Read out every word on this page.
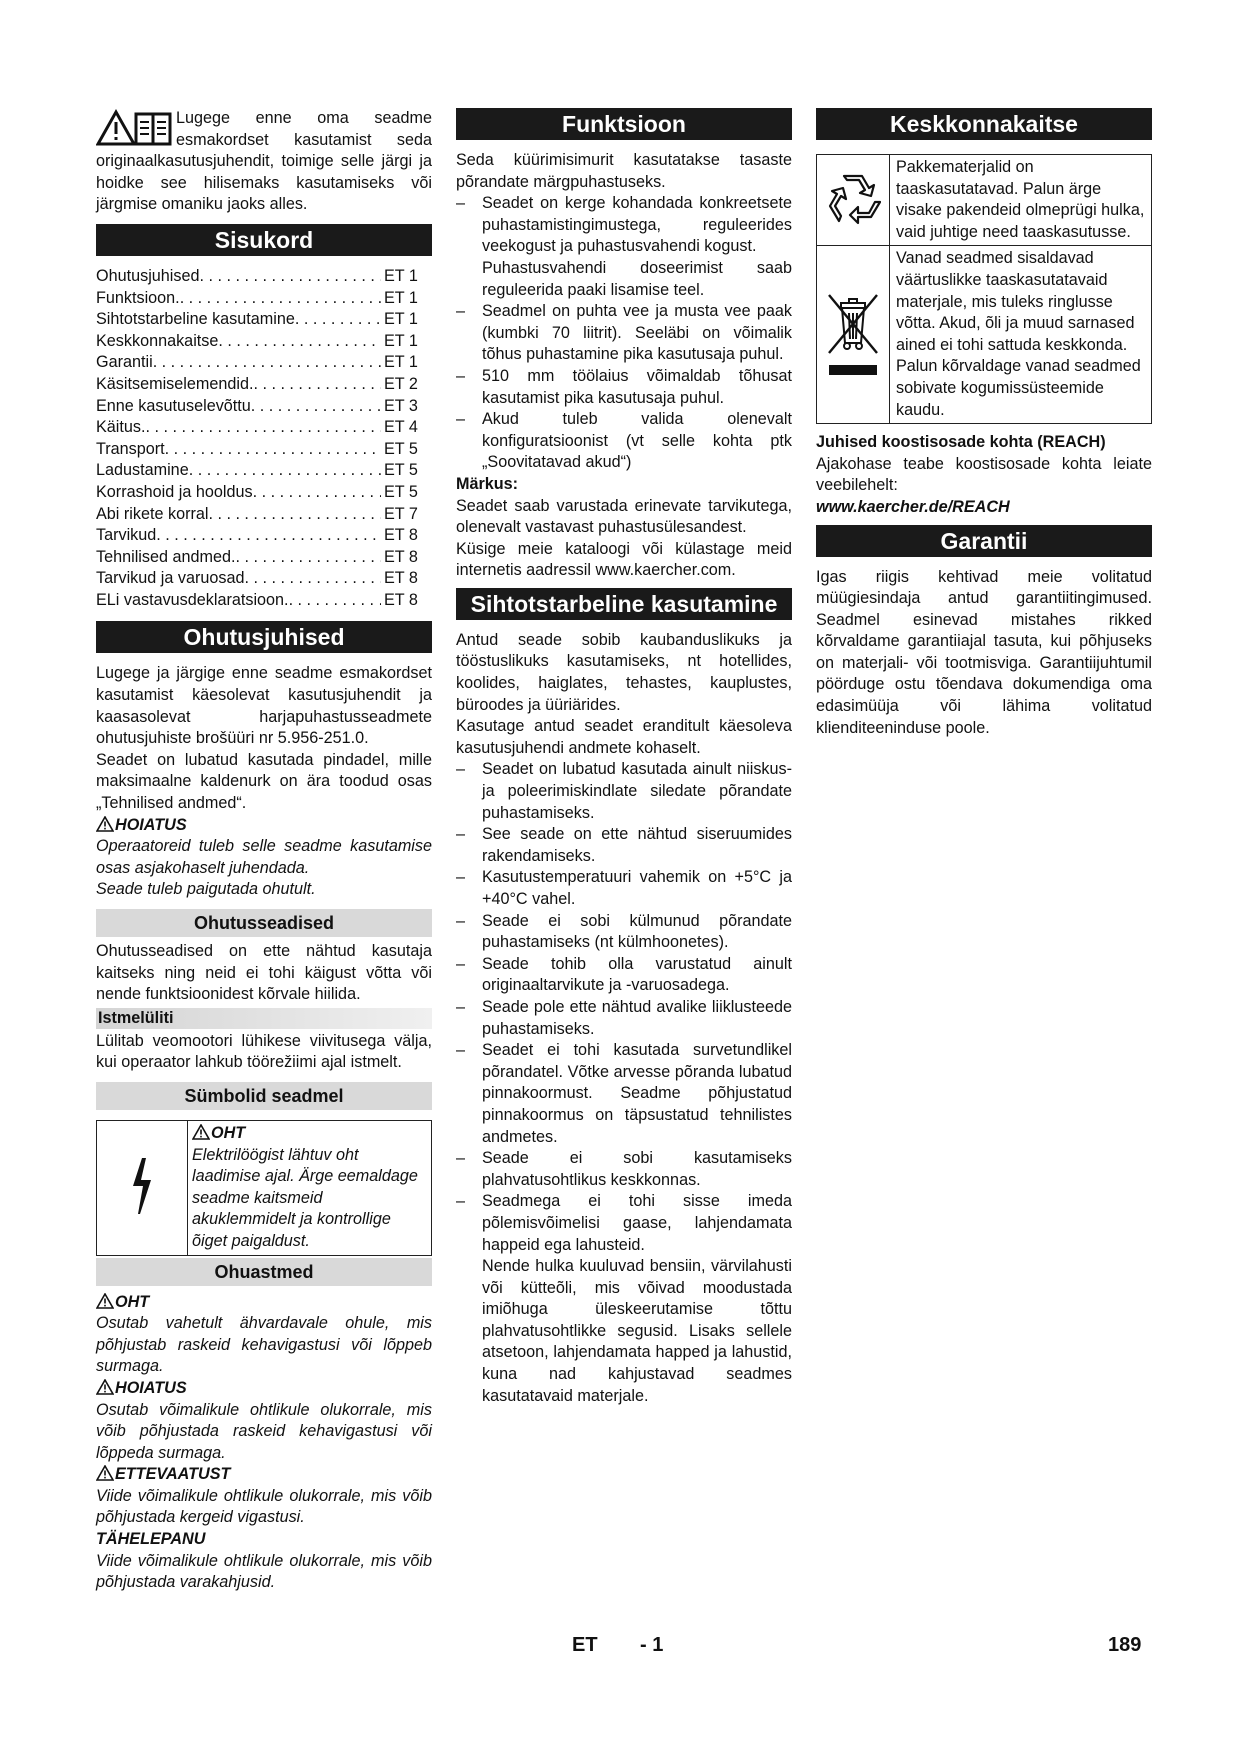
Lugege enne oma seadme esmakordset kasutamist seda originaalkasutusjuhendit, toimige selle järgi ja hoidke see hilisemaks kasutamiseks või järgmise omaniku jaoks alles.

Sisukord
Ohutusjuhised . . .	ET 1
Funktsioon. . . .	ET 1
Sihtotstarbeline kasutamine . . .	ET 1
Keskkonnakaitse . . .	ET 1
Garantii . . .	ET 1
Käsitsemiselemendid. . . .	ET 2
Enne kasutuselevõttu . . .	ET 3
Käitus. . . .	ET 4
Transport . . .	ET 5
Ladustamine . . .	ET 5
Korrashoid ja hooldus . . .	ET 5
Abi rikete korral . . .	ET 7
Tarvikud . . .	ET 8
Tehnilised andmed. . . .	ET 8
Tarvikud ja varuosad . . .	ET 8
ELi vastavusdeklaratsioon. . . .	ET 8
Ohutusjuhised

Lugege ja järgige enne seadme esmakordset kasutamist käesolevat kasutusjuhendit ja kaasasolevat harjapuhastusseadmete ohutusjuhiste brošüüri nr 5.956-251.0.

Seadet on lubatud kasutada pindadel, mille maksimaalne kaldenurk on ära toodud osas „Tehnilised andmed“.

HOIATUS

Operaatoreid tuleb selle seadme kasutamise osas asjakohaselt juhendada.

Seade tuleb paigutada ohutult.

Ohutusseadised

Ohutusseadised on ette nähtud kasutaja kaitseks ning neid ei tohi käigust võtta või nende funktsioonidest kõrvale hiilida.

Istmelüliti

Lülitab veomootori lühikese viivitusega välja, kui operaator lahkub töörežiimi ajal istmelt.

Sümbolid seadmel
OHT
Elektrilöögist lähtuv oht laadimise ajal. Ärge eemaldage seadme kaitsmeid akuklemmidelt ja kontrollige õiget paigaldust.
Ohuastmed
OHT

Osutab vahetult ähvardavale ohule, mis põhjustab raskeid kehavigastusi või lõppeb surmaga.

HOIATUS

Osutab võimalikule ohtlikule olukorrale, mis võib põhjustada raskeid kehavigastusi või lõppeda surmaga.

ETTEVAATUST

Viide võimalikule ohtlikule olukorrale, mis võib põhjustada kergeid vigastusi.

TÄHELEPANU

Viide võimalikule ohtlikule olukorrale, mis võib põhjustada varakahjusid.

Funktsioon

Seda küürimisimurit kasutatakse tasaste põrandate märgpuhastuseks.

– Seadet on kerge kohandada konkreetsete puhastamistingimustega, reguleerides veekogust ja puhastusvahendi kogust.
Puhastusvahendi doseerimist saab reguleerida paaki lisamise teel.
– Seadmel on puhta vee ja musta vee paak (kumbki 70 liitrit). Seeläbi on võimalik tõhus puhastamine pika kasutusaja puhul.
– 510 mm töölaius võimaldab tõhusat kasutamist pika kasutusaja puhul.
– Akud tuleb valida olenevalt konfiguratsioonist (vt selle kohta ptk „Soovitatavad akud“)
Märkus:

Seadet saab varustada erinevate tarvikutega, olenevalt vastavast puhastusülesandest.

Küsige meie kataloogi või külastage meid internetis aadressil www.kaercher.com.

Sihtotstarbeline kasutamine

Antud seade sobib kaubanduslikuks ja tööstuslikuks kasutamiseks, nt hotellides, koolides, haiglates, tehastes, kauplustes, büroodes ja üüriärides.

Kasutage antud seadet eranditult käesoleva kasutusjuhendi andmete kohaselt.

– Seadet on lubatud kasutada ainult niiskus- ja poleerimiskindlate siledate põrandate puhastamiseks.
– See seade on ette nähtud siseruumides rakendamiseks.
– Kasutustemperatuuri vahemik on +5°C ja +40°C vahel.
– Seade ei sobi külmunud põrandate puhastamiseks (nt külmhoonetes).
– Seade tohib olla varustatud ainult originaaltarvikute ja -varuosadega.
– Seade pole ette nähtud avalike liiklusteede puhastamiseks.
– Seadet ei tohi kasutada survetundlikel põrandatel. Võtke arvesse põranda lubatud pinnakoormust. Seadme põhjustatud pinnakoormus on täpsustatud tehnilistes andmetes.
– Seade ei sobi kasutamiseks plahvatusohtlikus keskkonnas.
– Seadmega ei tohi sisse imeda põlemisvõimelisi gaase, lahjendamata happeid ega lahusteid.
Nende hulka kuuluvad bensiin, värvilahusti või kütteõli, mis võivad moodustada imiõhuga üleskeerutamise tõttu plahvatusohtlikke segusid. Lisaks sellele atsetoon, lahjendamata happed ja lahustid, kuna nad kahjustavad seadmes kasutatavaid materjale.
Keskkonnakaitse
Pakkematerjalid on taaskasutatavad. Palun ärge visake pakendeid olmeprügi hulka, vaid juhtige need taaskasutusse.
Vanad seadmed sisaldavad väärtuslikke taaskasutatavaid materjale, mis tuleks ringlusse võtta. Akud, õli ja muud sarnased ained ei tohi sattuda keskkonda. Palun kõrvaldage vanad seadmed sobivate kogumissüsteemide kaudu.
Juhised koostisosade kohta (REACH)

Ajakohase teabe koostisosade kohta leiate veebilehelt:

www.kaercher.de/REACH
Garantii

Igas riigis kehtivad meie volitatud müügiesindaja antud garantiitingimused. Seadmel esinevad mistahes rikked kõrvaldame garantiiajal tasuta, kui põhjuseks on materjali- või tootmisviga. Garantiijuhtumil pöörduge ostu tõendava dokumendiga oma edasimüüja või lähima volitatud klienditeeninduse poole.

ET - 1	189
